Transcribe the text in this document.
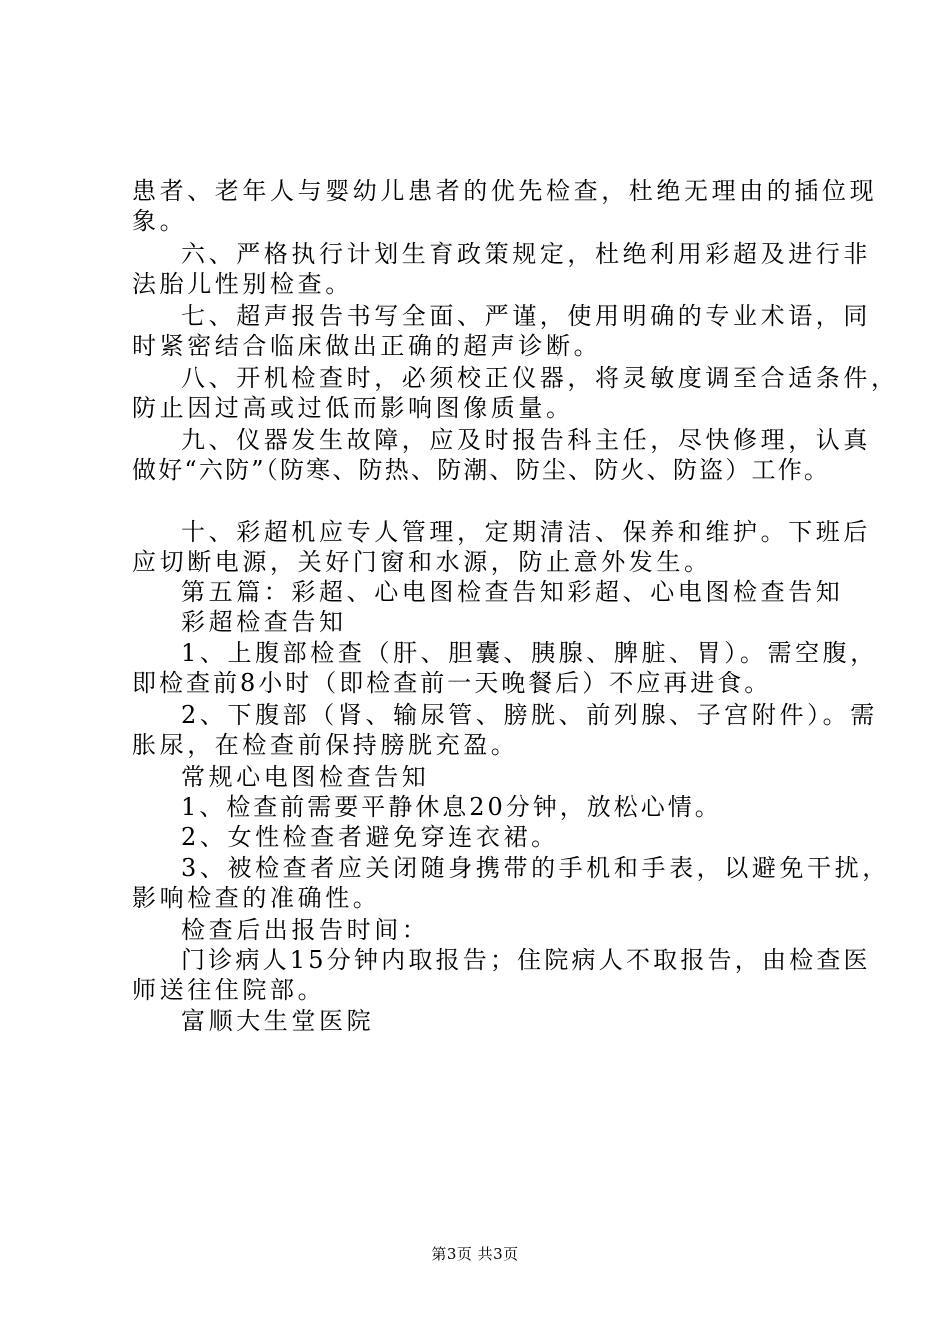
患者、老年人与婴幼儿患者的优先检查，杜绝无理由的插位现
象。
六、严格执行计划生育政策规定，杜绝利用彩超及进行非
法胎儿性别检查。
七、超声报告书写全面、严谨，使用明确的专业术语，同
时紧密结合临床做出正确的超声诊断。
八、开机检查时，必须校正仪器，将灵敏度调至合适条件，
防止因过高或过低而影响图像质量。
九、仪器发生故障，应及时报告科主任，尽快修理，认真
做好“六防”（防寒、防热、防潮、防尘、防火、防盗）工作。
十、彩超机应专人管理，定期清洁、保养和维护。下班后
应切断电源，关好门窗和水源，防止意外发生。
第五篇：彩超、心电图检查告知彩超、心电图检查告知
彩超检查告知
1、上腹部检查（肝、胆囊、胰腺、脾脏、胃）。需空腹，
即检查前8小时（即检查前一天晚餐后）不应再进食。
2、下腹部（肾、输尿管、膀胱、前列腺、子宫附件）。需
胀尿，在检查前保持膀胱充盈。
常规心电图检查告知
1、检查前需要平静休息20分钟，放松心情。
2、女性检查者避免穿连衣裙。
3、被检查者应关闭随身携带的手机和手表，以避免干扰，
影响检查的准确性。
检查后出报告时间：
门诊病人15分钟内取报告；住院病人不取报告，由检查医
师送往住院部。
富顺大生堂医院
第3页 共3页
